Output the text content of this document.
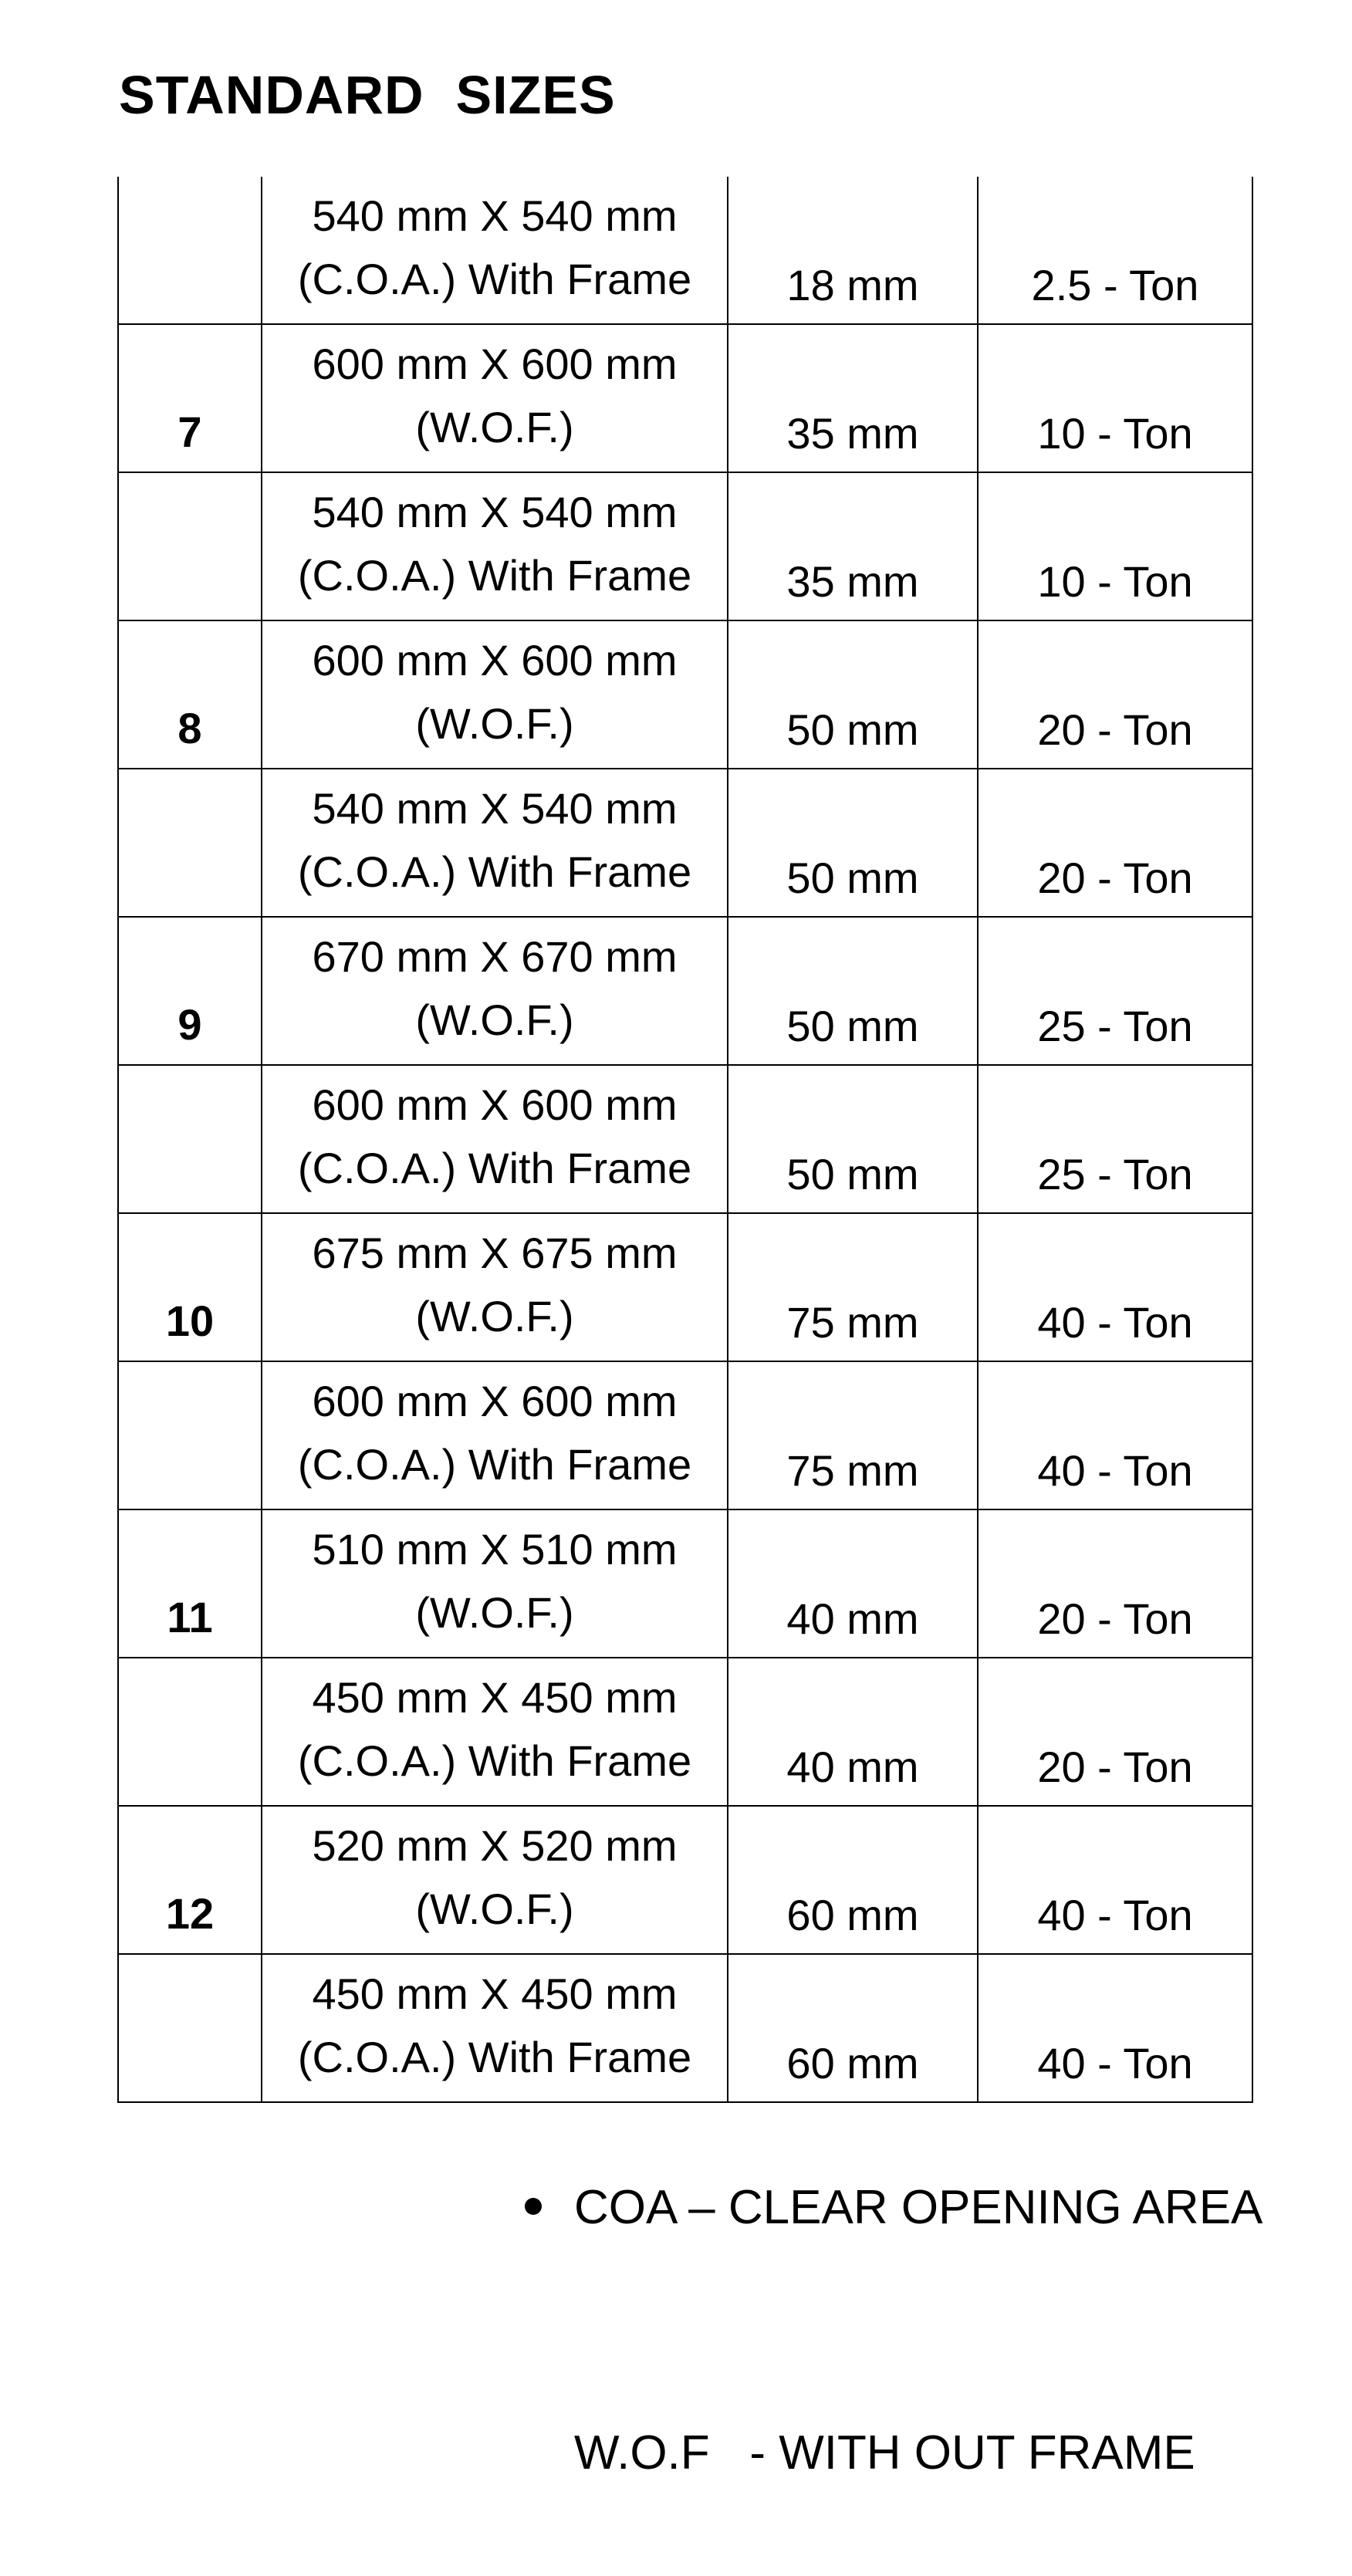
STANDARD  SIZES

	540 mm X 540 mm
(C.O.A.) With Frame	18 mm	2.5 - Ton
7	600 mm X 600 mm
(W.O.F.)	35 mm	10 - Ton

	540 mm X 540 mm
(C.O.A.) With Frame	35 mm	10 - Ton
8	600 mm X 600 mm
(W.O.F.)	50 mm	20 - Ton

	540 mm X 540 mm
(C.O.A.) With Frame	50 mm	20 - Ton
9	670 mm X 670 mm
(W.O.F.)	50 mm	25 - Ton

	600 mm X 600 mm
(C.O.A.) With Frame	50 mm	25 - Ton
10	675 mm X 675 mm
(W.O.F.)	75 mm	40 - Ton

	600 mm X 600 mm
(C.O.A.) With Frame	75 mm	40 - Ton
11	510 mm X 510 mm
(W.O.F.)	40 mm	20 - Ton

	450 mm X 450 mm
(C.O.A.) With Frame	40 mm	20 - Ton
12	520 mm X 520 mm
(W.O.F.)	60 mm	40 - Ton

	450 mm X 450 mm
(C.O.A.) With Frame	60 mm	40 - Ton

COA – CLEAR OPENING AREA

W.O.F   - WITH OUT FRAME
